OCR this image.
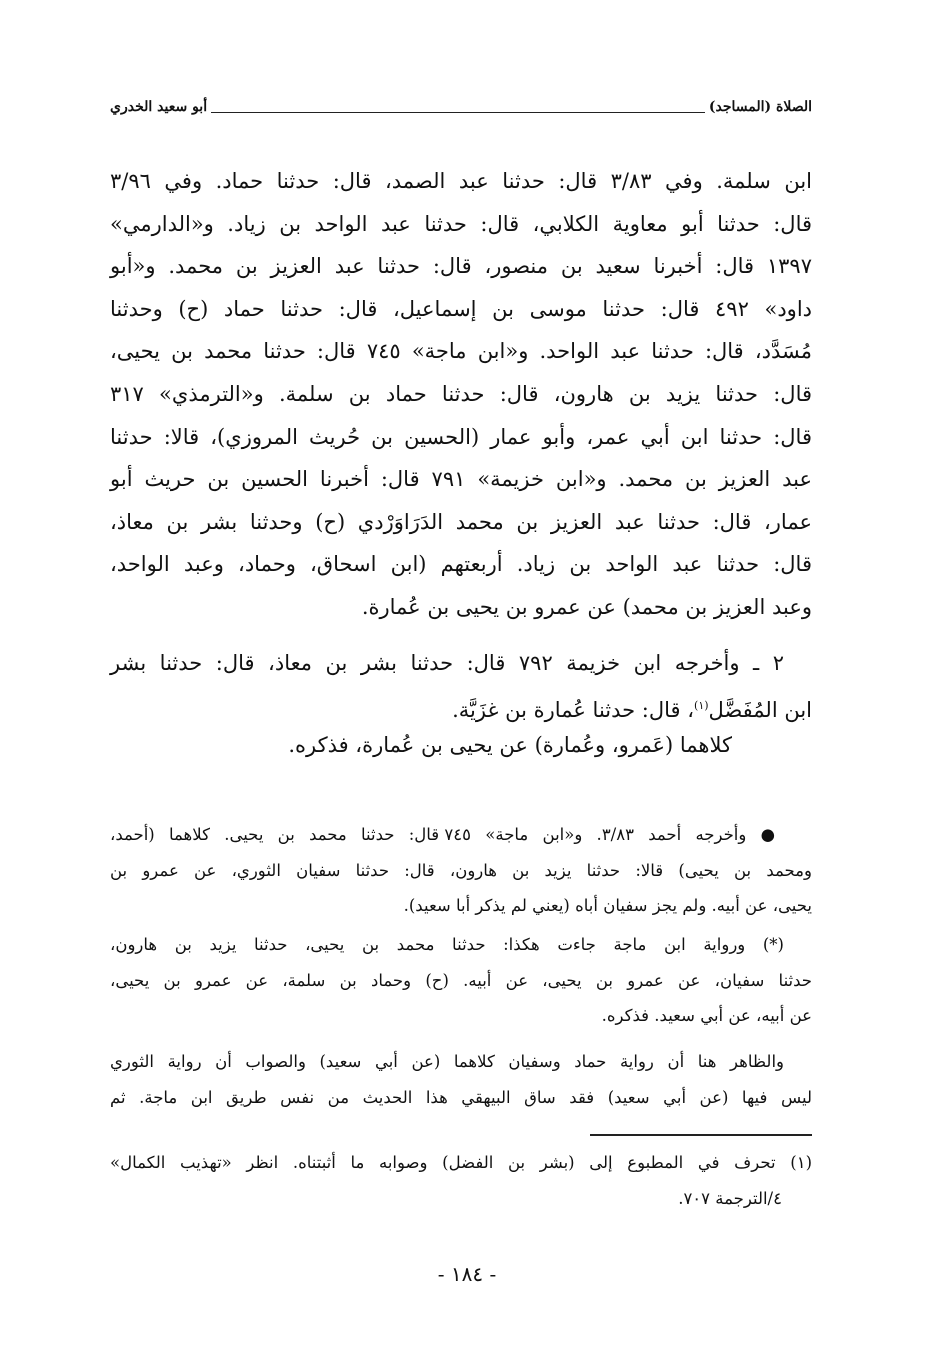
الصلاة (المساجد)
أبو سعيد الخدري
ابن سلمة. وفي ٣/٨٣ قال: حدثنا عبد الصمد، قال: حدثنا حماد. وفي ٣/٩٦
قال: حدثنا أبو معاوية الكلابي، قال: حدثنا عبد الواحد بن زياد. و«الدارمي»
١٣٩٧ قال: أخبرنا سعيد بن منصور، قال: حدثنا عبد العزيز بن محمد. و«أبو
داود» ٤٩٢ قال: حدثنا موسى بن إسماعيل، قال: حدثنا حماد (ح) وحدثنا
مُسَدَّد، قال: حدثنا عبد الواحد. و«ابن ماجة» ٧٤٥ قال: حدثنا محمد بن يحيى،
قال: حدثنا يزيد بن هارون، قال: حدثنا حماد بن سلمة. و«الترمذي» ٣١٧
قال: حدثنا ابن أبي عمر، وأبو عمار (الحسين بن حُريث المروزي)، قالا: حدثنا
عبد العزيز بن محمد. و«ابن خزيمة» ٧٩١ قال: أخبرنا الحسين بن حريث أبو
عمار، قال: حدثنا عبد العزيز بن محمد الدَرَاوَرْدي (ح) وحدثنا بشر بن معاذ،
قال: حدثنا عبد الواحد بن زياد. أربعتهم (ابن اسحاق، وحماد، وعبد الواحد،
وعبد العزيز بن محمد) عن عمرو بن يحيى بن عُمارة.
٢ ـ وأخرجه ابن خزيمة ٧٩٢ قال: حدثنا بشر بن معاذ، قال: حدثنا بشر
ابن المُفَضَّل$^{(١)}$، قال: حدثنا عُمارة بن غزَيَّة.
كلاهما (عَمرو، وعُمارة) عن يحيى بن عُمارة، فذكره.
● وأخرجه أحمد ٣/٨٣. و«ابن ماجة» ٧٤٥ قال: حدثنا محمد بن يحيى. كلاهما (أحمد،
ومحمد بن يحيى) قالا: حدثنا يزيد بن هارون، قال: حدثنا سفيان الثوري، عن عمرو بن
يحيى، عن أبيه. ولم يجز سفيان أباه (يعني لم يذكر أبا سعيد).
(*) ورواية ابن ماجة جاءت هكذا: حدثنا محمد بن يحيى، حدثنا يزيد بن هارون،
حدثنا سفيان، عن عمرو بن يحيى، عن أبيه. (ح) وحماد بن سلمة، عن عمرو بن يحيى،
عن أبيه، عن أبي سعيد. فذكره.
والظاهر هنا أن رواية حماد وسفيان كلاهما (عن أبي سعيد) والصواب أن رواية الثوري
ليس فيها (عن أبي سعيد) فقد ساق البيهقي هذا الحديث من نفس طريق ابن ماجة. ثم
(١) تحرف في المطبوع إلى (بشر بن الفضل) وصوابه ما أثبتناه. انظر «تهذيب الكمال»
٤/الترجمة ٧٠٧.
- ١٨٤ -
